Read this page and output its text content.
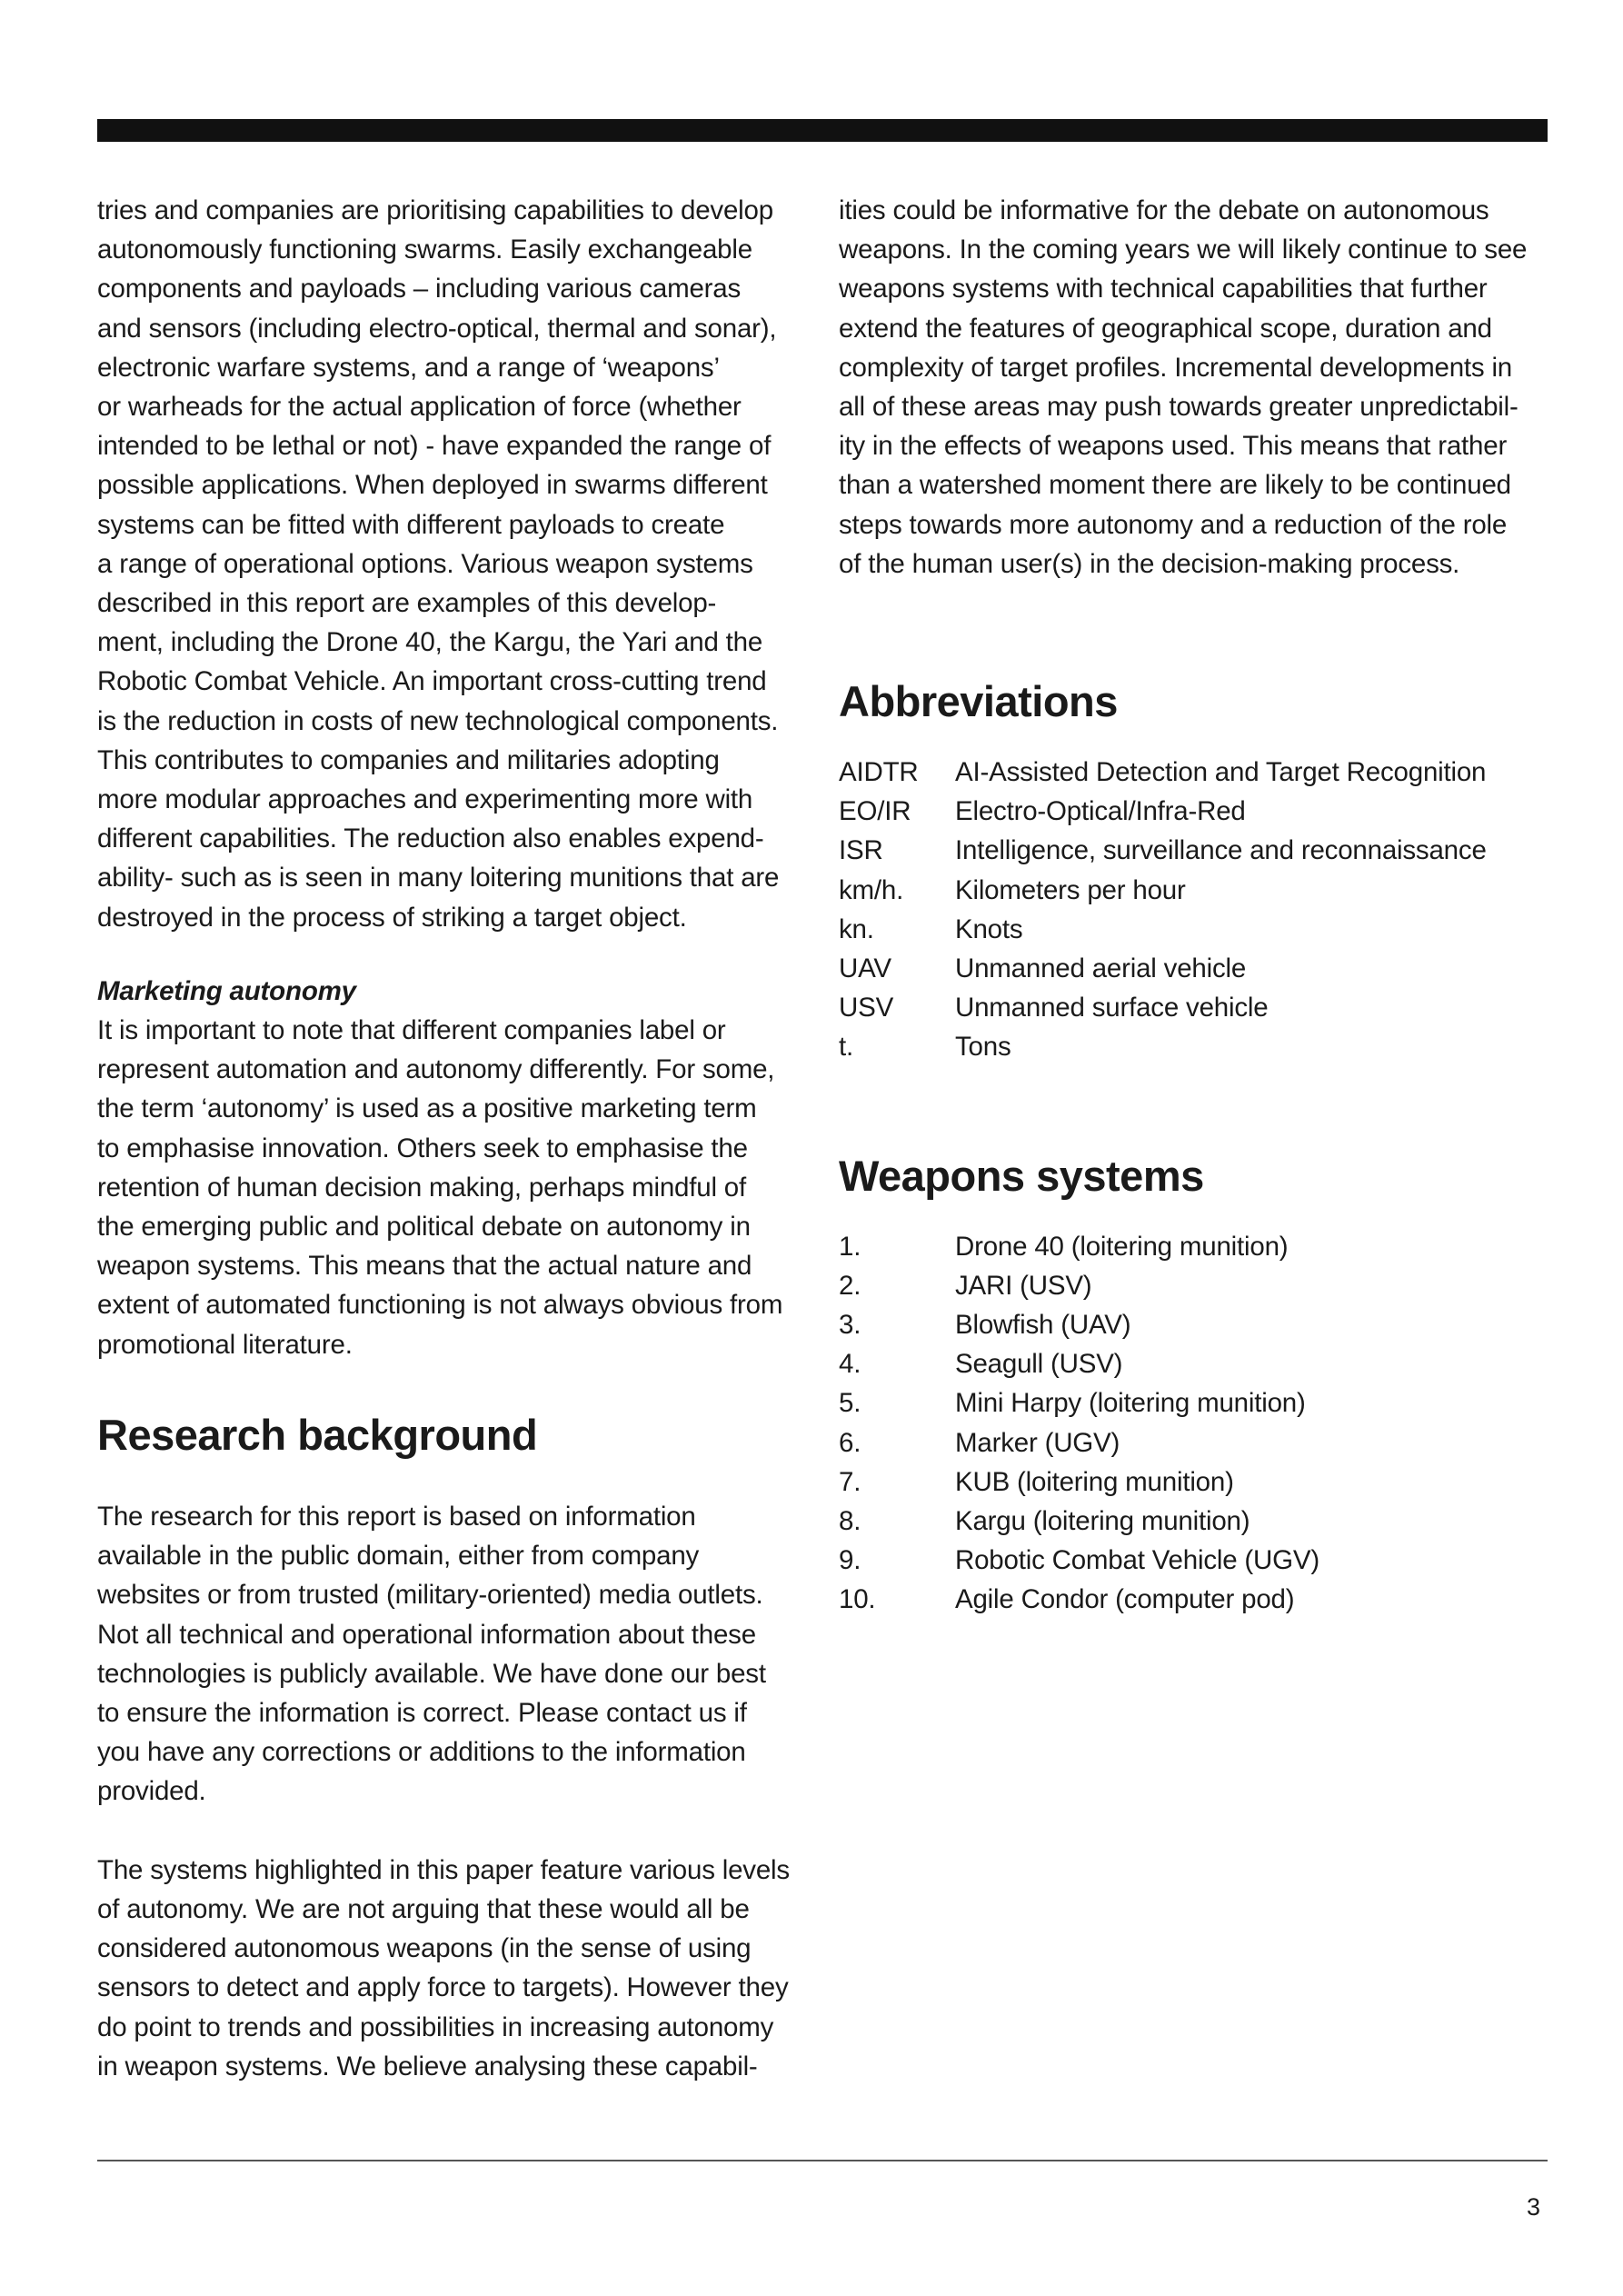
tries and companies are prioritising capabilities to develop
autonomously functioning swarms. Easily exchangeable
components and payloads – including various cameras
and sensors (including electro-optical, thermal and sonar),
electronic warfare systems, and a range of ‘weapons’
or warheads for the actual application of force (whether
intended to be lethal or not) - have expanded the range of
possible applications. When deployed in swarms different
systems can be fitted with different payloads to create
a range of operational options. Various weapon systems
described in this report are examples of this develop-
ment, including the Drone 40, the Kargu, the Yari and the
Robotic Combat Vehicle. An important cross-cutting trend
is the reduction in costs of new technological components.
This contributes to companies and militaries adopting
more modular approaches and experimenting more with
different capabilities. The reduction also enables expend-
ability- such as is seen in many loitering munitions that are
destroyed in the process of striking a target object.

Marketing autonomy

It is important to note that different companies label or
represent automation and autonomy differently. For some,
the term ‘autonomy’ is used as a positive marketing term
to emphasise innovation. Others seek to emphasise the
retention of human decision making, perhaps mindful of
the emerging public and political debate on autonomy in
weapon systems. This means that the actual nature and
extent of automated functioning is not always obvious from
promotional literature.

Research background

The research for this report is based on information
available in the public domain, either from company
websites or from trusted (military-oriented) media outlets.
Not all technical and operational information about these
technologies is publicly available. We have done our best
to ensure the information is correct. Please contact us if
you have any corrections or additions to the information
provided.

The systems highlighted in this paper feature various levels
of autonomy. We are not arguing that these would all be
considered autonomous weapons (in the sense of using
sensors to detect and apply force to targets). However they
do point to trends and possibilities in increasing autonomy
in weapon systems. We believe analysing these capabil-

ities could be informative for the debate on autonomous
weapons. In the coming years we will likely continue to see
weapons systems with technical capabilities that further
extend the features of geographical scope, duration and
complexity of target profiles. Incremental developments in
all of these areas may push towards greater unpredictabil-
ity in the effects of weapons used. This means that rather
than a watershed moment there are likely to be continued
steps towards more autonomy and a reduction of the role
of the human user(s) in the decision-making process.

Abbreviations
AIDTR	AI-Assisted Detection and Target Recognition
EO/IR	Electro-Optical/Infra-Red
ISR	Intelligence, surveillance and reconnaissance
km/h.	Kilometers per hour
kn.	Knots
UAV	Unmanned aerial vehicle
USV	Unmanned surface vehicle
t.	Tons
Weapons systems
1.	Drone 40 (loitering munition)
2.	JARI (USV)
3.	Blowfish (UAV)
4.	Seagull (USV)
5.	Mini Harpy (loitering munition)
6.	Marker (UGV)
7.	KUB (loitering munition)
8.	Kargu (loitering munition)
9.	Robotic Combat Vehicle (UGV)
10.	Agile Condor (computer pod)
3
